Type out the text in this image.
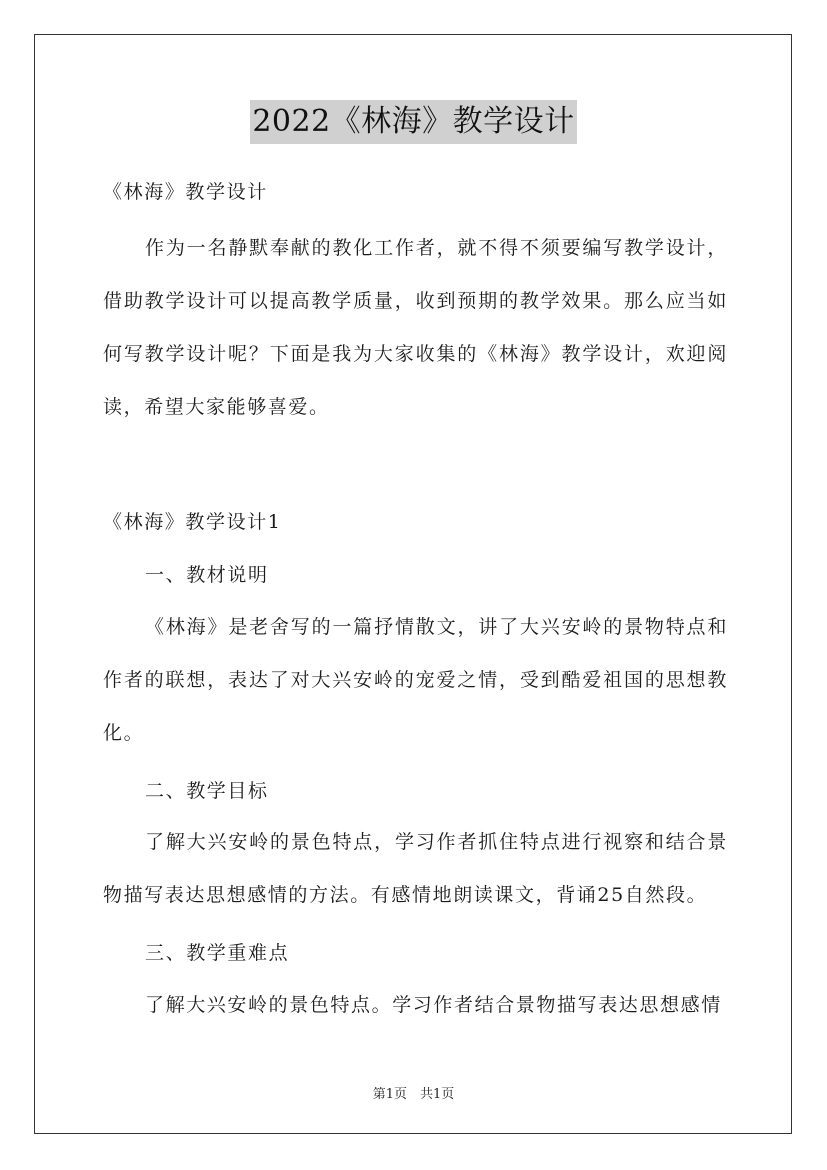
2022《林海》教学设计

《林海》教学设计

作为一名静默奉献的教化工作者，就不得不须要编写教学设计，借助教学设计可以提高教学质量，收到预期的教学效果。那么应当如何写教学设计呢？下面是我为大家收集的《林海》教学设计，欢迎阅读，希望大家能够喜爱。

《林海》教学设计1

一、教材说明

《林海》是老舍写的一篇抒情散文，讲了大兴安岭的景物特点和作者的联想，表达了对大兴安岭的宠爱之情，受到酷爱祖国的思想教化。

二、教学目标

了解大兴安岭的景色特点，学习作者抓住特点进行视察和结合景物描写表达思想感情的方法。有感情地朗读课文，背诵25自然段。

三、教学重难点

了解大兴安岭的景色特点。学习作者结合景物描写表达思想感情

第1页　共1页
